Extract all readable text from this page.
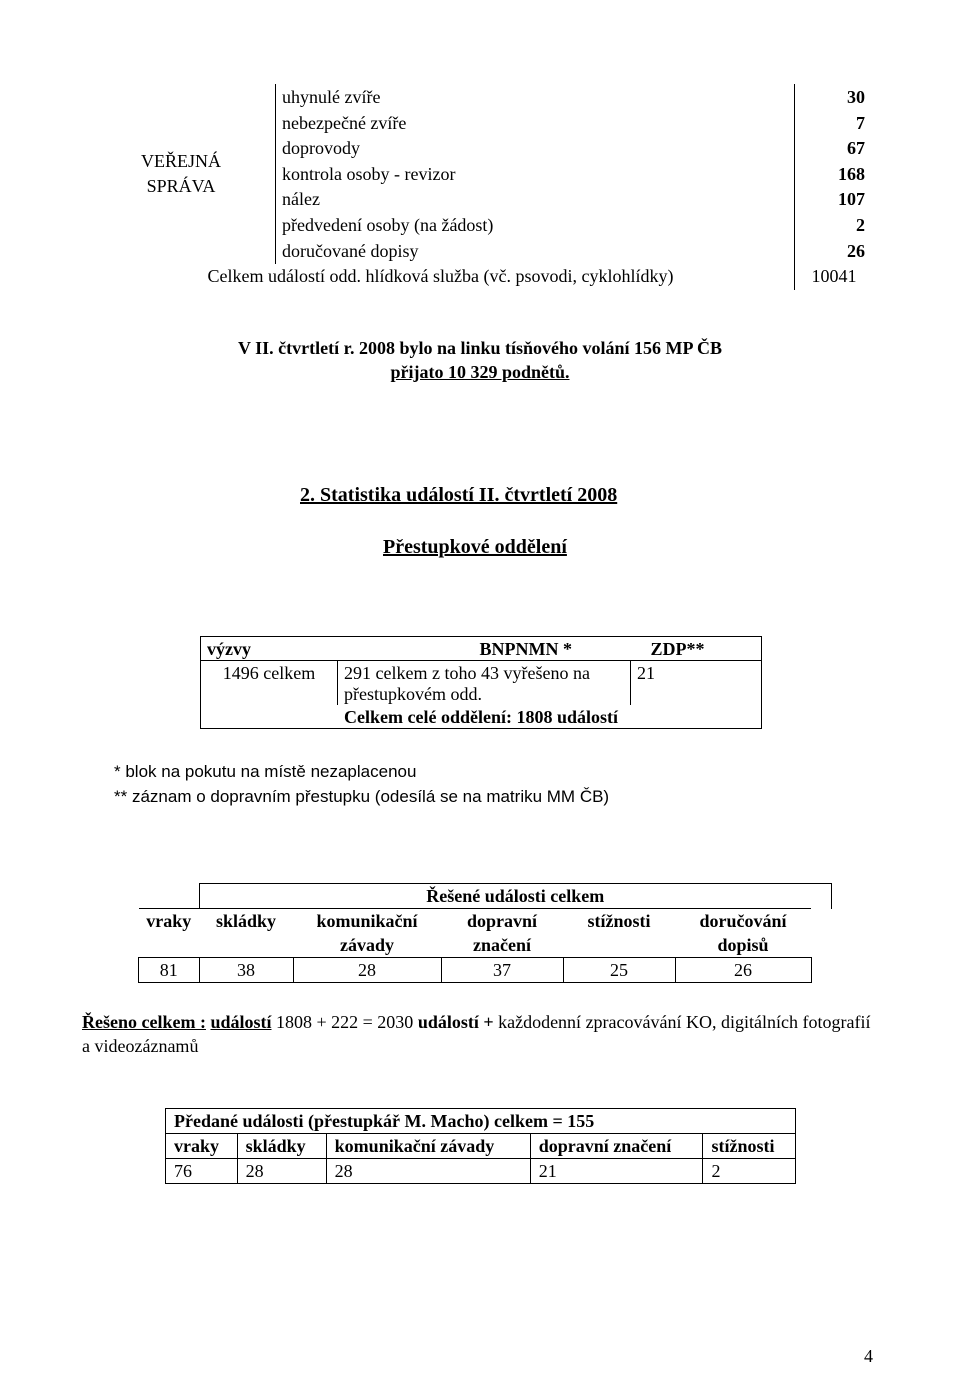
VEŘEJNÁ
SPRÁVA	uhynulé zvíře	30
	nebezpečné zvíře	7
	doprovody	67
	kontrola osoby - revizor	168
	nález	107
	předvedení osoby (na žádost)	2
	doručované dopisy	26
Celkem událostí odd. hlídková služba (vč. psovodi, cyklohlídky)		10041
V II. čtvrtletí r. 2008 bylo na linku tísňového volání 156 MP ČB
přijato 10 329 podnětů.
2. Statistika událostí II. čtvrtletí 2008
Přestupkové oddělení
výzvy	BNPNMN *	ZDP**
1496 celkem	291 celkem z toho 43 vyřešeno na přestupkovém odd.	21
Celkem celé oddělení: 1808 událostí		
* blok na pokutu na místě nezaplacenou
** záznam o dopravním přestupku (odesílá se na matriku MM ČB)
	Řešené události celkem					
vraky	skládky	komunikační závady	dopravní značení	stížnosti	doručování dopisů	
81	38	28	37	25	26	
Řešeno celkem : událostí 1808 + 222 = 2030 událostí + každodenní zpracovávání KO, digitálních fotografií a videozáznamů
Předané události (přestupkář M. Macho) celkem = 155				
vraky	skládky	komunikační závady	dopravní značení	stížnosti
76	28	28	21	2
4
